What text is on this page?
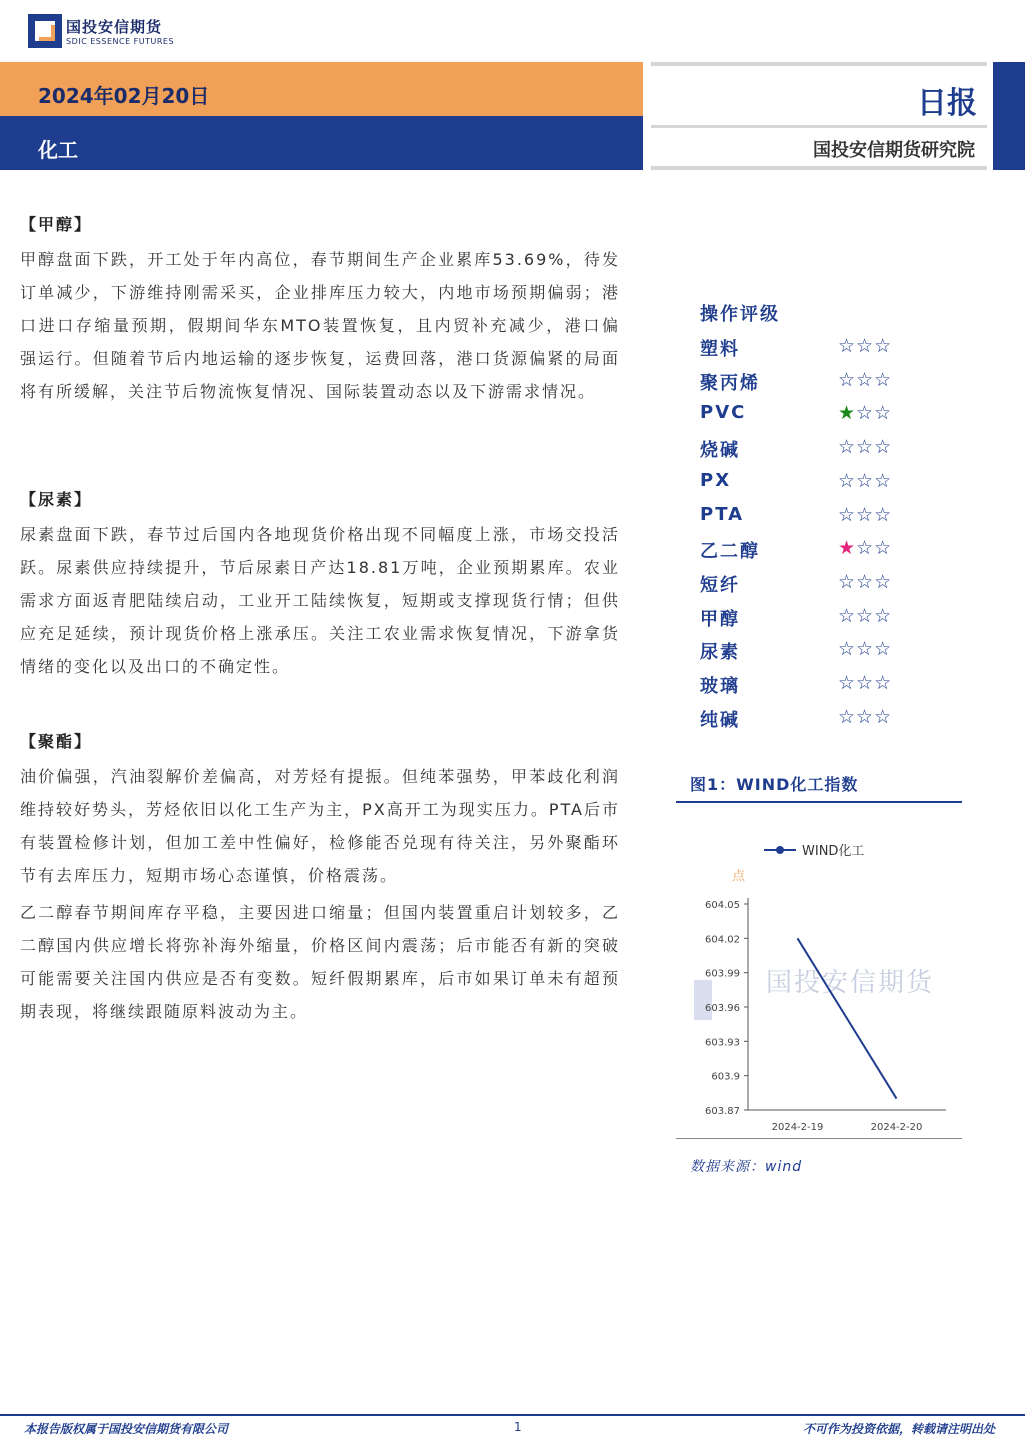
国投安信期货
SDIC ESSENCE FUTURES
2024年02月20日
化工
日报
国投安信期货研究院
【甲醇】
甲醇盘面下跌，开工处于年内高位，春节期间生产企业累库53.69%，待发订单减少，下游维持刚需采买，企业排库压力较大，内地市场预期偏弱；港口进口存缩量预期，假期间华东MTO装置恢复，且内贸补充减少，港口偏强运行。但随着节后内地运输的逐步恢复，运费回落，港口货源偏紧的局面将有所缓解，关注节后物流恢复情况、国际装置动态以及下游需求情况。
【尿素】
尿素盘面下跌，春节过后国内各地现货价格出现不同幅度上涨，市场交投活跃。尿素供应持续提升，节后尿素日产达18.81万吨，企业预期累库。农业需求方面返青肥陆续启动，工业开工陆续恢复，短期或支撑现货行情；但供应充足延续，预计现货价格上涨承压。关注工农业需求恢复情况，下游拿货情绪的变化以及出口的不确定性。
【聚酯】
油价偏强，汽油裂解价差偏高，对芳烃有提振。但纯苯强势，甲苯歧化利润维持较好势头，芳烃依旧以化工生产为主，PX高开工为现实压力。PTA后市有装置检修计划，但加工差中性偏好，检修能否兑现有待关注，另外聚酯环节有去库压力，短期市场心态谨慎，价格震荡。
乙二醇春节期间库存平稳，主要因进口缩量；但国内装置重启计划较多，乙二醇国内供应增长将弥补海外缩量，价格区间内震荡；后市能否有新的突破可能需要关注国内供应是否有变数。短纤假期累库，后市如果订单未有超预期表现，将继续跟随原料波动为主。
操作评级
塑料	☆☆☆
聚丙烯	☆☆☆
PVC	★☆☆
烧碱	☆☆☆
PX	☆☆☆
PTA	☆☆☆
乙二醇	★☆☆
短纤	☆☆☆
甲醇	☆☆☆
尿素	☆☆☆
玻璃	☆☆☆
纯碱	☆☆☆
图1：WIND化工指数
国投安信期货
WIND化工
点
604.05
604.02
603.99
603.96
603.93
603.9
603.87
2024-2-19	2024-2-20
数据来源：wind
本报告版权属于国投安信期货有限公司	1	不可作为投资依据，转载请注明出处
